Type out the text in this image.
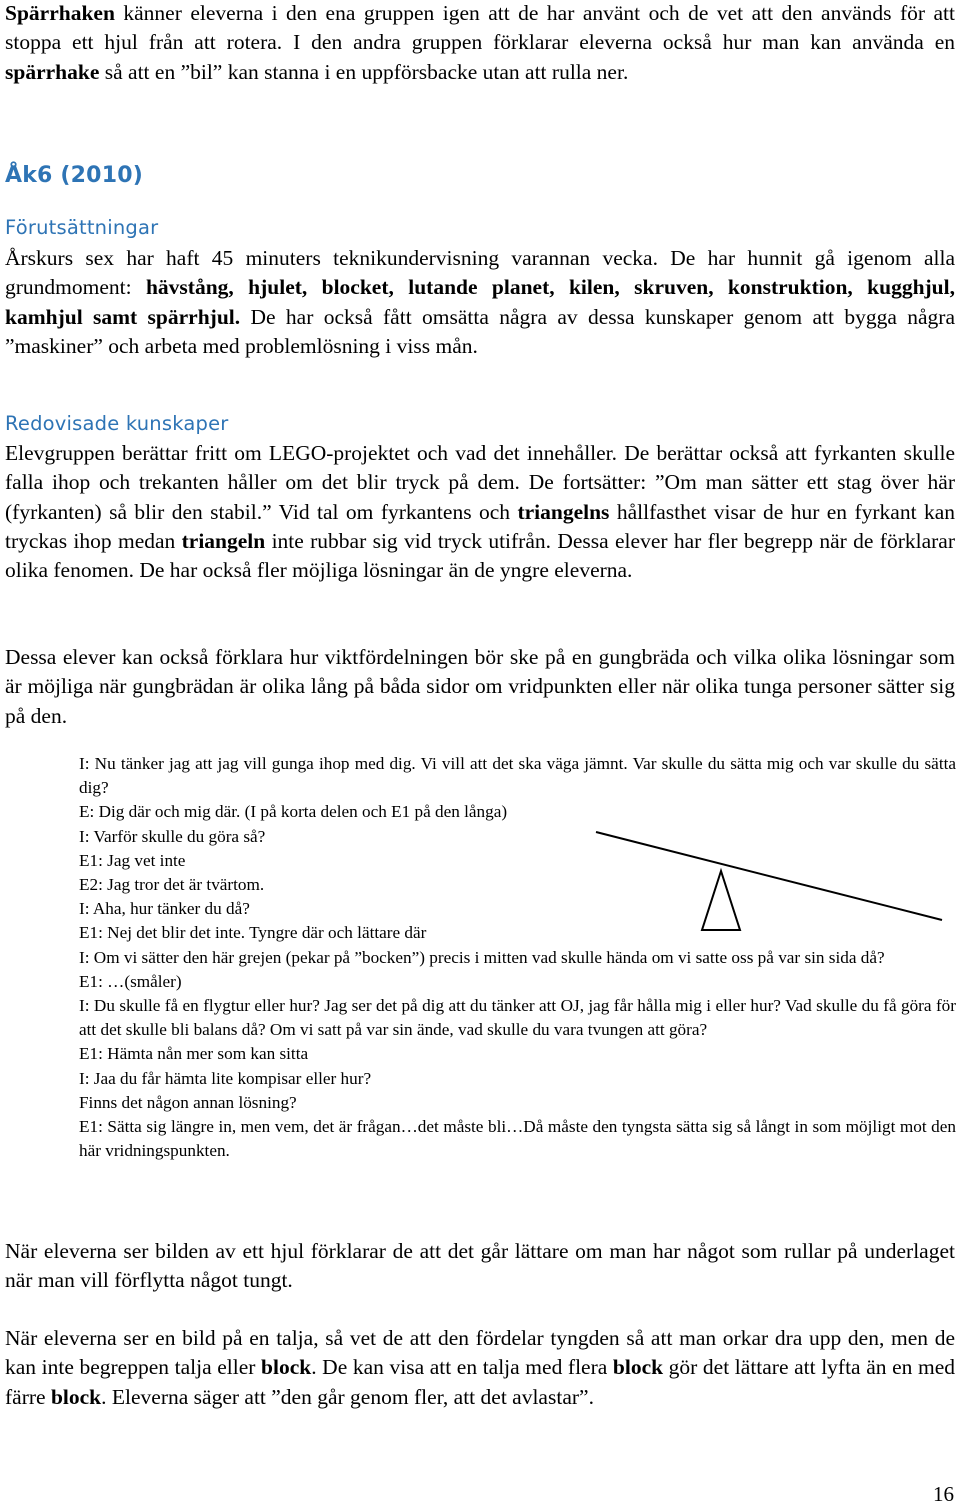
Spärrhaken känner eleverna i den ena gruppen igen att de har använt och de vet att den används för att stoppa ett hjul från att rotera. I den andra gruppen förklarar eleverna också hur man kan använda en spärrhake så att en ”bil” kan stanna i en uppförsbacke utan att rulla ner.

Åk6 (2010)
Förutsättningar

Årskurs sex har haft 45 minuters teknikundervisning varannan vecka. De har hunnit gå igenom alla grundmoment: hävstång, hjulet, blocket, lutande planet, kilen, skruven, konstruktion, kugghjul, kamhjul samt spärrhjul. De har också fått omsätta några av dessa kunskaper genom att bygga några ”maskiner” och arbeta med problemlösning i viss mån.

Redovisade kunskaper

Elevgruppen berättar fritt om LEGO-projektet och vad det innehåller. De berättar också att fyrkanten skulle falla ihop och trekanten håller om det blir tryck på dem. De fortsätter: ”Om man sätter ett stag över här (fyrkanten) så blir den stabil.” Vid tal om fyrkantens och triangelns hållfasthet visar de hur en fyrkant kan tryckas ihop medan triangeln inte rubbar sig vid tryck utifrån. Dessa elever har fler begrepp när de förklarar olika fenomen. De har också fler möjliga lösningar än de yngre eleverna.

Dessa elever kan också förklara hur viktfördelningen bör ske på en gungbräda och vilka olika lösningar som är möjliga när gungbrädan är olika lång på båda sidor om vridpunkten eller när olika tunga personer sätter sig på den.

I: Nu tänker jag att jag vill gunga ihop med dig. Vi vill att det ska väga jämnt. Var skulle du sätta mig och var skulle du sätta dig?

E: Dig där och mig där. (I på korta delen och E1 på den långa)

I: Varför skulle du göra så?

E1: Jag vet inte

E2: Jag tror det är tvärtom.

I: Aha, hur tänker du då?

E1: Nej det blir det inte. Tyngre där och lättare där

I: Om vi sätter den här grejen (pekar på ”bocken”) precis i mitten vad skulle hända om vi satte oss på var sin sida då?

E1: …(småler)

I: Du skulle få en flygtur eller hur? Jag ser det på dig att du tänker att OJ, jag får hålla mig i eller hur? Vad skulle du få göra för att det skulle bli balans då? Om vi satt på var sin ände, vad skulle du vara tvungen att göra?

E1: Hämta nån mer som kan sitta

I: Jaa du får hämta lite kompisar eller hur?

Finns det någon annan lösning?

E1: Sätta sig längre in, men vem, det är frågan…det måste bli…Då måste den tyngsta sätta sig så långt in som möjligt mot den här vridningspunkten.

När eleverna ser bilden av ett hjul förklarar de att det går lättare om man har något som rullar på underlaget när man vill förflytta något tungt.

När eleverna ser en bild på en talja, så vet de att den fördelar tyngden så att man orkar dra upp den, men de kan inte begreppen talja eller block. De kan visa att en talja med flera block gör det lättare att lyfta än en med färre block. Eleverna säger att ”den går genom fler, att det avlastar”.

16
